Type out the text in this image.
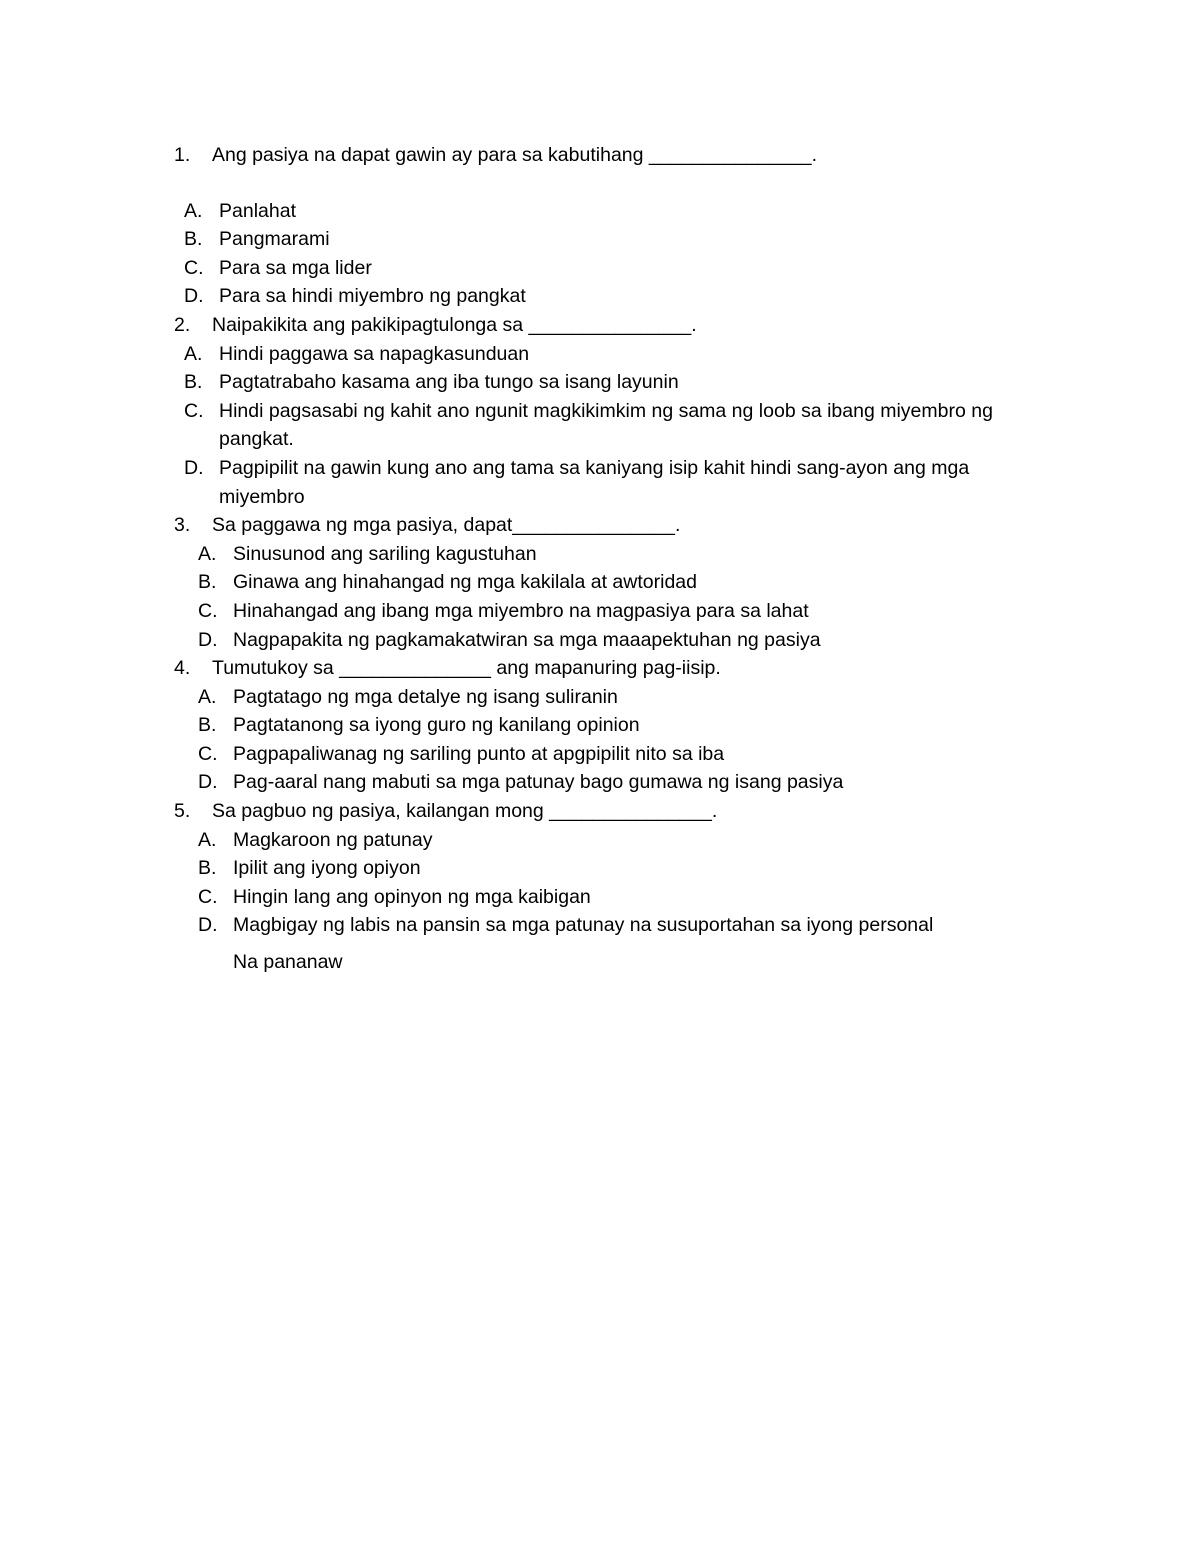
1. Ang pasiya na dapat gawin ay para sa kabutihang _______________.
A. Panlahat
B. Pangmarami
C. Para sa mga lider
D. Para sa hindi miyembro ng pangkat
2. Naipakikita ang pakikipagtulonga sa _______________.
A. Hindi paggawa sa napagkasunduan
B. Pagtatrabaho kasama ang iba tungo sa isang layunin
C. Hindi pagsasabi ng kahit ano ngunit magkikimkim ng sama ng loob sa ibang miyembro ng pangkat.
D. Pagpipilit na gawin kung ano ang tama sa kaniyang isip kahit hindi sang-ayon ang mga miyembro
3. Sa paggawa ng mga pasiya, dapat_______________.
A. Sinusunod ang sariling kagustuhan
B. Ginawa ang hinahangad ng mga kakilala at awtoridad
C. Hinahangad ang ibang mga miyembro na magpasiya para sa lahat
D. Nagpapakita ng pagkamakatwiran sa mga maaapektuhan ng pasiya
4. Tumutukoy sa ______________ ang mapanuring pag-iisip.
A. Pagtatago ng mga detalye ng isang suliranin
B. Pagtatanong sa iyong guro ng kanilang opinion
C. Pagpapaliwanag ng sariling punto at apgpipilit nito sa iba
D. Pag-aaral nang mabuti sa mga patunay bago gumawa ng isang pasiya
5. Sa pagbuo ng pasiya, kailangan mong _______________.
A. Magkaroon ng patunay
B. Ipilit ang iyong opiyon
C. Hingin lang ang opinyon ng mga kaibigan
D. Magbigay ng labis na pansin sa mga patunay na susuportahan sa iyong personal
Na pananaw
